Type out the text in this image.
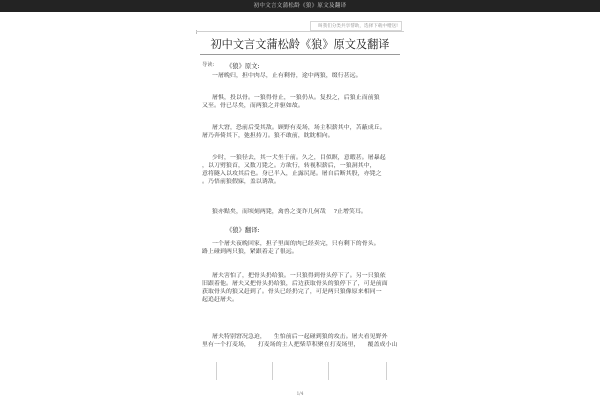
初中文言文蒲松龄《狼》原文及翻译
叫我们分类共享帮助，选择下载中赠送!
初中文言文蒲松龄《狼》原文及翻译
导读: 《狼》原文:

一屠晚归，担中肉尽，止有剩骨，途中两狼，缀行甚远。

屠惧，投以骨。一狼得骨止，一狼仍从。复投之，后狼止而前狼

又至。骨已尽矣，而两狼之并驱如故。

屠大窘，恐前后受其敌。顾野有麦场，场主积薪其中，苫蔽成丘。

屠乃奔倚其下，弛担持刀。狼不敢前，眈眈相向。

少时，一狼径去，其一犬坐于前。久之，目似瞑，意暇甚。屠暴起

，以刀劈狼首，又数刀毙之。方欲行，转视积薪后，一狼洞其中，

意将隧入以攻其后也。身已半入，止露尻尾。屠自后断其股，亦毙之

。乃悟前狼假寐，盖以诱敌。

狼亦黠矣，而顷刻两毙，禽兽之变诈几何哉    ?止增笑耳。

《狼》翻译:

一个屠夫夜晚回家，担子里面的肉已经卖完，只有剩下的骨头。

路上碰到两只狼，紧跟着走了很远。

屠夫害怕了，把骨头扔给狼。一只狼得到骨头停下了。另一只狼依

旧跟着他。屠夫又把骨头扔给狼，后边获取骨头的狼停下了，可是前面

获取骨头的狼又赶到了。骨头已经扔完了，可是两只狼像原来相同一

起追赶屠夫。

屠夫特别窘况急迫，    生怕前后一起碰到狼的攻击。屠夫看见野外

里有一个打麦场，    打麦场的主人把柴草积聚在打麦场里，    覆盖成小山

1/4
